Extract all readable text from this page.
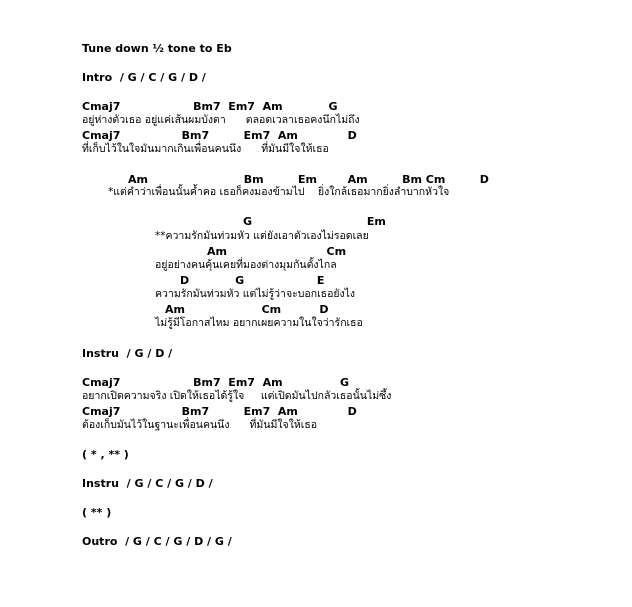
Tune down ½ tone to Eb
Intro  / G / C / G / D /
Cmaj7                   Bm7  Em7  Am            G
อยู่ห่างตัวเธอ อยู่แค่เส้นผมบังตา      ตลอดเวลาเธอคงนึกไม่ถึง
Cmaj7                Bm7         Em7  Am             D
ที่เก็บไว้ในใจมันมากเกินเพื่อนคนนึง      ที่มันมีใจให้เธอ
Am                         Bm         Em        Am         Bm Cm         D
*แต่คำว่าเพื่อนนั้นค้ำคอ เธอก็คงมองข้ามไป    ยิ่งใกล้เธอมากยิ่งลำบากหัวใจ
G                              Em
**ความรักมันท่วมหัว แต่ยังเอาตัวเองไม่รอดเลย
Am                          Cm
อยู่อย่างคนคุ้นเคยที่มองต่างมุมกันตั้งไกล
D            G                   E
ความรักมันท่วมหัว แต่ไม่รู้ว่าจะบอกเธอยังไง
Am                    Cm          D
ไม่รู้มีโอกาสไหม อยากเผยความในใจว่ารักเธอ
Instru  / G / D /
Cmaj7                   Bm7  Em7  Am               G
อยากเปิดความจริง เปิดให้เธอได้รู้ใจ     แต่เปิดมันไปกลัวเธอนั้นไม่ซึ้ง
Cmaj7                Bm7         Em7  Am             D
ต้องเก็บมันไว้ในฐานะเพื่อนคนนึง      ที่มันมีใจให้เธอ
( * , ** )
Instru  / G / C / G / D /
( ** )
Outro  / G / C / G / D / G /
